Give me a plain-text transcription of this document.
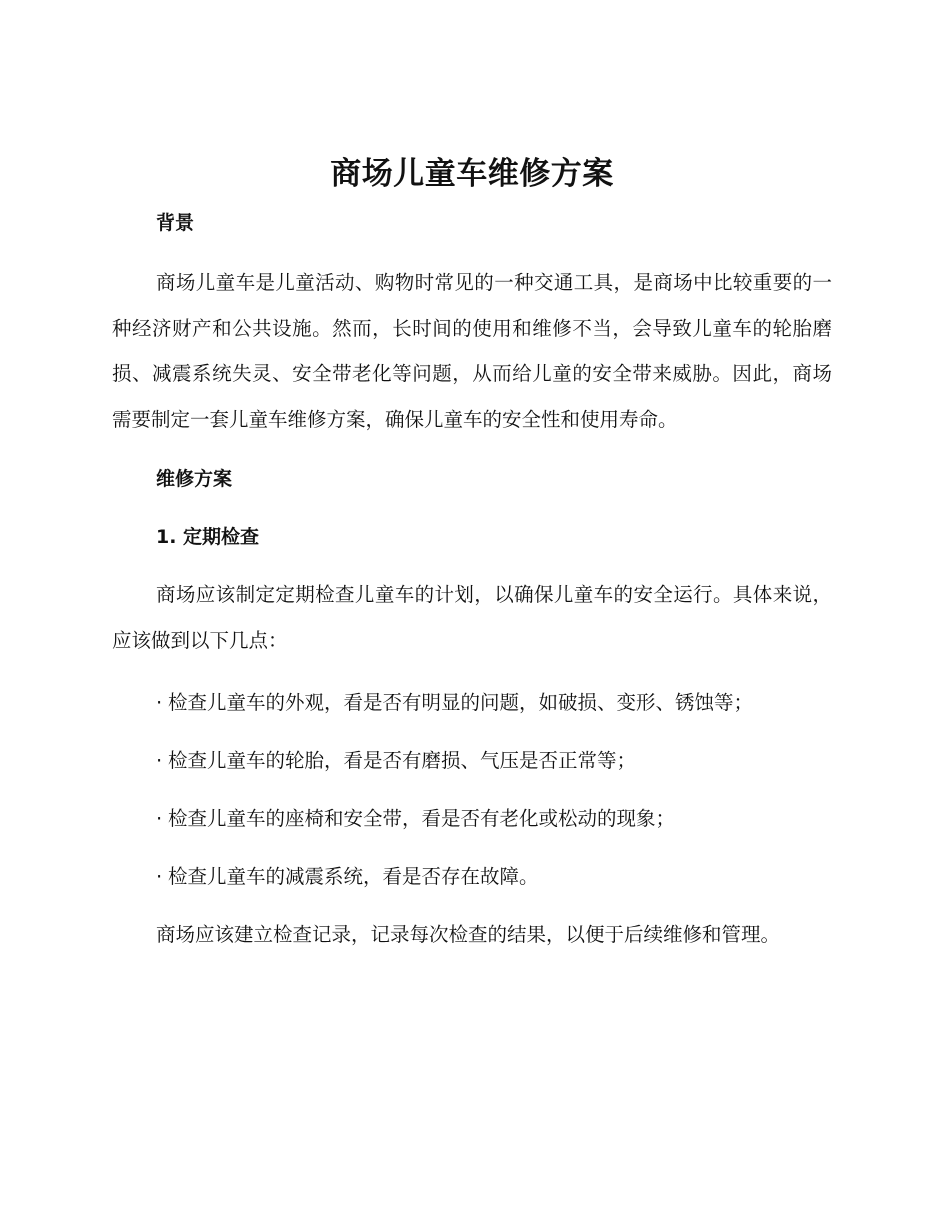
商场儿童车维修方案
背景

商场儿童车是儿童活动、购物时常见的一种交通工具，是商场中比较重要的一种经济财产和公共设施。然而，长时间的使用和维修不当，会导致儿童车的轮胎磨损、减震系统失灵、安全带老化等问题，从而给儿童的安全带来威胁。因此，商场需要制定一套儿童车维修方案，确保儿童车的安全性和使用寿命。

维修方案
1. 定期检查

商场应该制定定期检查儿童车的计划，以确保儿童车的安全运行。具体来说，应该做到以下几点：

· 检查儿童车的外观，看是否有明显的问题，如破损、变形、锈蚀等；
· 检查儿童车的轮胎，看是否有磨损、气压是否正常等；
· 检查儿童车的座椅和安全带，看是否有老化或松动的现象；
· 检查儿童车的减震系统，看是否存在故障。

商场应该建立检查记录，记录每次检查的结果，以便于后续维修和管理。
